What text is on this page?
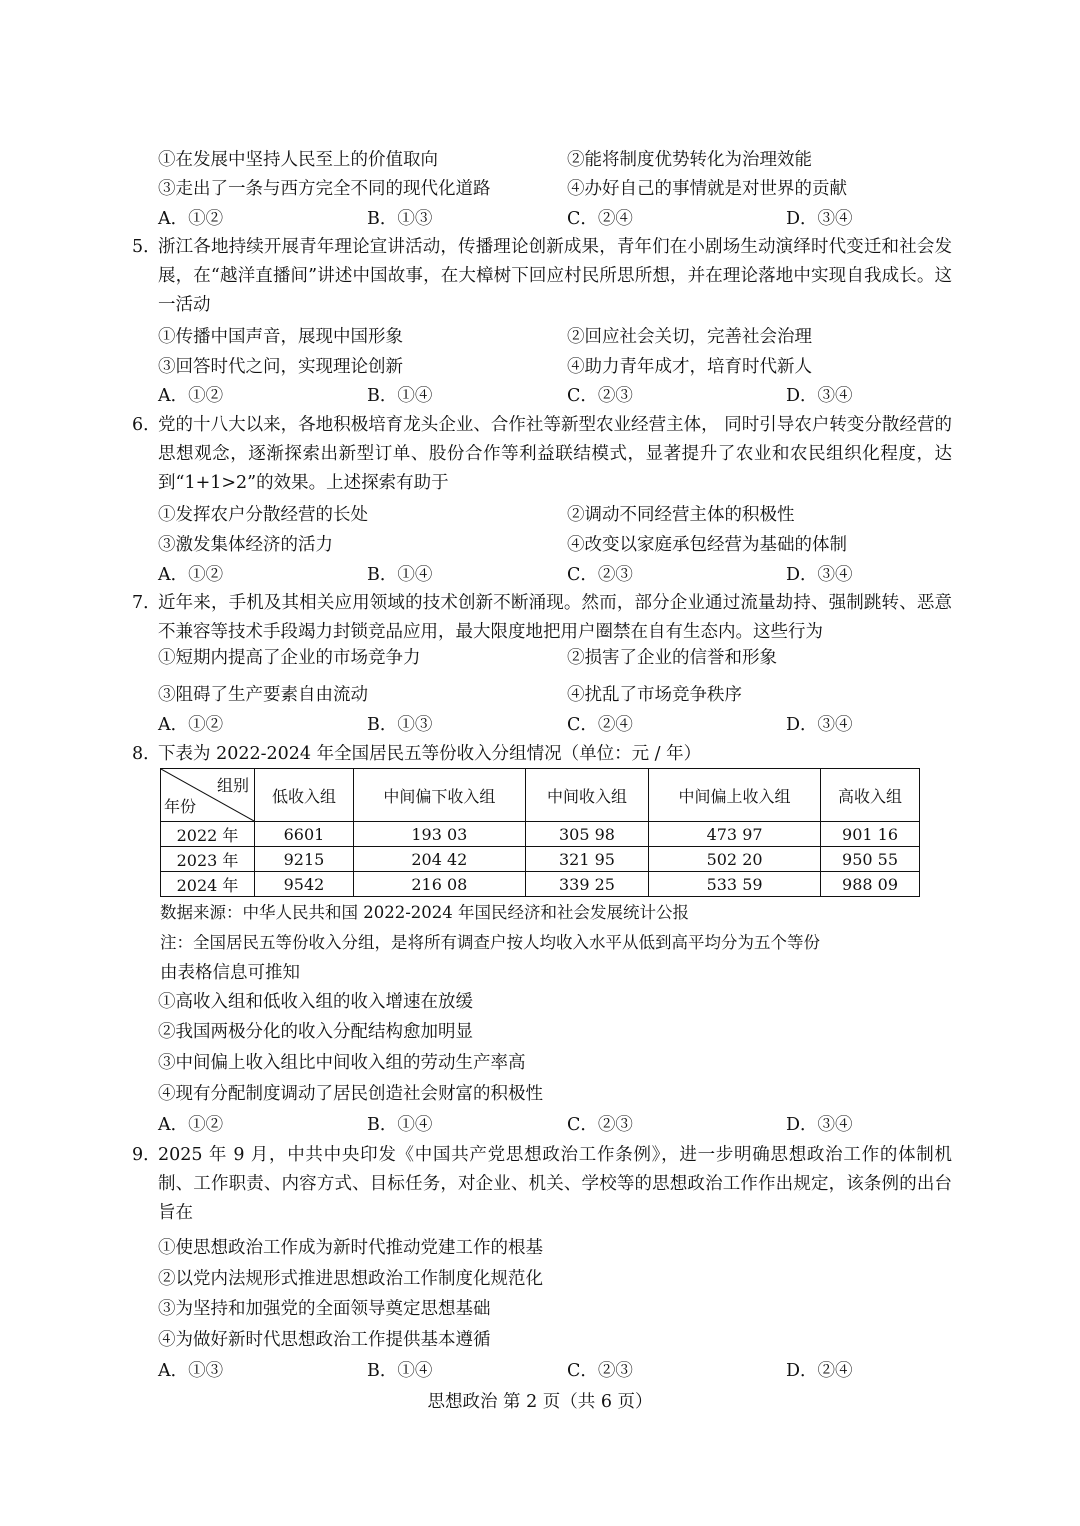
①在发展中坚持人民至上的价值取向	②能将制度优势转化为治理效能
③走出了一条与西方完全不同的现代化道路	④办好自己的事情就是对世界的贡献
A．①②	B．①③	C．②④	D．③④
5．
浙江各地持续开展青年理论宣讲活动，传播理论创新成果，青年们在小剧场生动演绎时代变迁和社会发展，在“越洋直播间”讲述中国故事，在大樟树下回应村民所思所想，并在理论落地中实现自我成长。这一活动
①传播中国声音，展现中国形象	②回应社会关切，完善社会治理
③回答时代之问，实现理论创新	④助力青年成才，培育时代新人
A．①②	B．①④	C．②③	D．③④
6．
党的十八大以来，各地积极培育龙头企业、合作社等新型农业经营主体， 同时引导农户转变分散经营的思想观念，逐渐探索出新型订单、股份合作等利益联结模式，显著提升了农业和农民组织化程度，达到“1+1>2”的效果。上述探索有助于
①发挥农户分散经营的长处	②调动不同经营主体的积极性
③激发集体经济的活力	④改变以家庭承包经营为基础的体制
A．①②	B．①④	C．②③	D．③④
7．
近年来，手机及其相关应用领域的技术创新不断涌现。然而，部分企业通过流量劫持、强制跳转、恶意不兼容等技术手段竭力封锁竞品应用，最大限度地把用户圈禁在自有生态内。这些行为
①短期内提高了企业的市场竞争力	②损害了企业的信誉和形象
③阻碍了生产要素自由流动	④扰乱了市场竞争秩序
A．①②	B．①③	C．②④	D．③④
8．
下表为 2022-2024 年全国居民五等份收入分组情况（单位：元 / 年）
组别
年份	低收入组	中间偏下收入组	中间收入组	中间偏上收入组	高收入组
2022 年	6601	193 03	305 98	473 97	901 16
2023 年	9215	204 42	321 95	502 20	950 55
2024 年	9542	216 08	339 25	533 59	988 09
数据来源：中华人民共和国 2022-2024 年国民经济和社会发展统计公报
注：全国居民五等份收入分组，是将所有调查户按人均收入水平从低到高平均分为五个等份
由表格信息可推知
①高收入组和低收入组的收入增速在放缓
②我国两极分化的收入分配结构愈加明显
③中间偏上收入组比中间收入组的劳动生产率高
④现有分配制度调动了居民创造社会财富的积极性
A．①②	B．①④	C．②③	D．③④
9．
2025 年 9 月，中共中央印发《中国共产党思想政治工作条例》，进一步明确思想政治工作的体制机制、工作职责、内容方式、目标任务，对企业、机关、学校等的思想政治工作作出规定，该条例的出台旨在
①使思想政治工作成为新时代推动党建工作的根基
②以党内法规形式推进思想政治工作制度化规范化
③为坚持和加强党的全面领导奠定思想基础
④为做好新时代思想政治工作提供基本遵循
A．①③	B．①④	C．②③	D．②④
思想政治 第 2 页（共 6 页）
